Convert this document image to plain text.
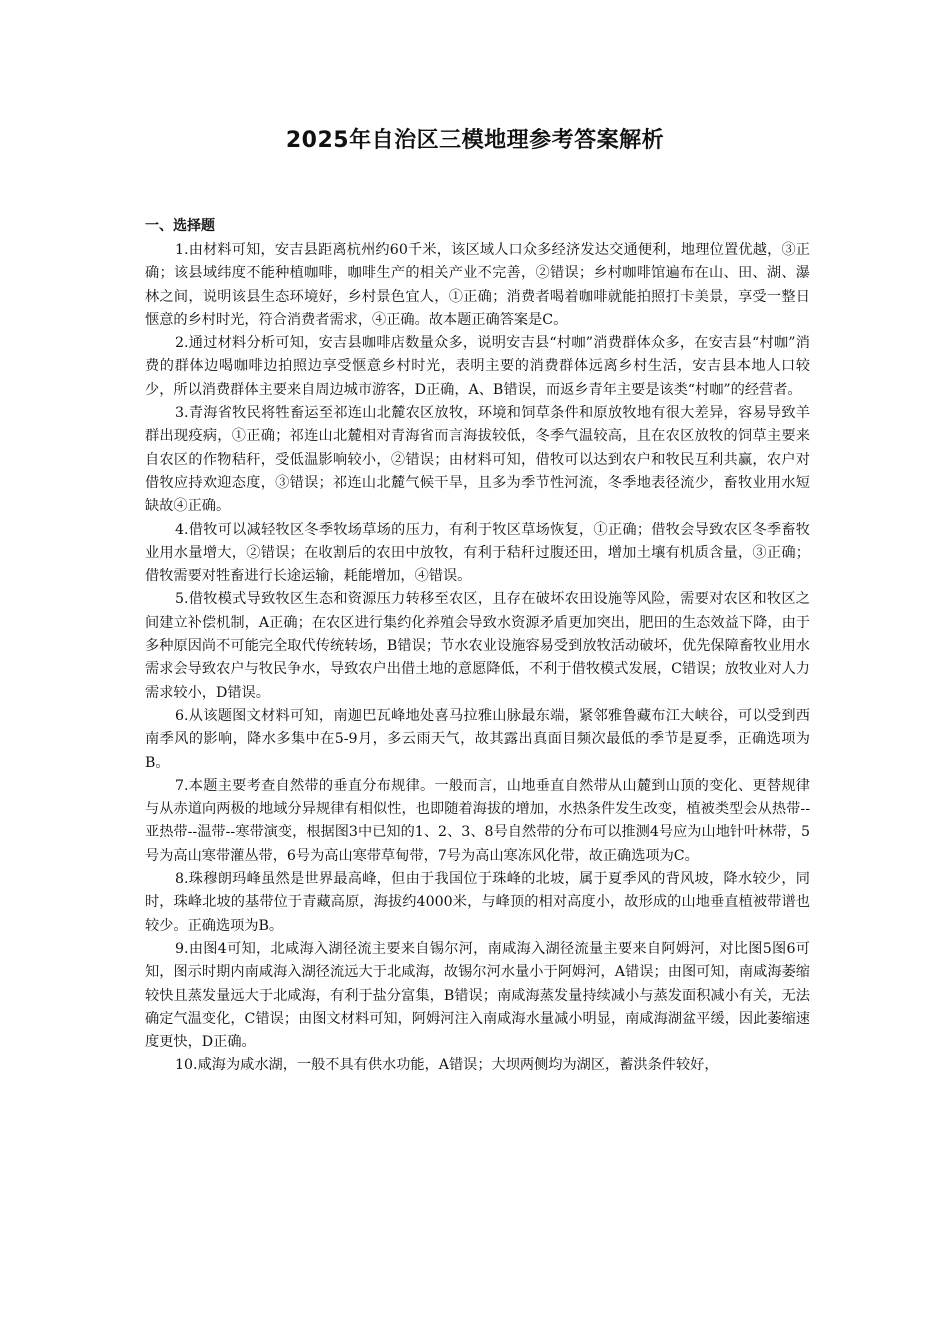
2025年自治区三模地理参考答案解析
一、选择题

1.由材料可知，安吉县距离杭州约60千米，该区域人口众多经济发达交通便利，地理位置优越，③正确；该县域纬度不能种植咖啡，咖啡生产的相关产业不完善，②错误；乡村咖啡馆遍布在山、田、湖、瀑林之间，说明该县生态环境好，乡村景色宜人，①正确；消费者喝着咖啡就能拍照打卡美景，享受一整日惬意的乡村时光，符合消费者需求，④正确。故本题正确答案是C。

2.通过材料分析可知，安吉县咖啡店数量众多，说明安吉县“村咖”消费群体众多，在安吉县“村咖”消费的群体边喝咖啡边拍照边享受惬意乡村时光，表明主要的消费群体远离乡村生活，安吉县本地人口较少，所以消费群体主要来自周边城市游客，D正确，A、B错误，而返乡青年主要是该类“村咖”的经营者。

3.青海省牧民将牲畜运至祁连山北麓农区放牧，环境和饲草条件和原放牧地有很大差异，容易导致羊群出现疫病，①正确；祁连山北麓相对青海省而言海拔较低，冬季气温较高，且在农区放牧的饲草主要来自农区的作物秸秆，受低温影响较小，②错误；由材料可知，借牧可以达到农户和牧民互利共赢，农户对借牧应持欢迎态度，③错误；祁连山北麓气候干旱，且多为季节性河流，冬季地表径流少，畜牧业用水短缺故④正确。

4.借牧可以减轻牧区冬季牧场草场的压力，有利于牧区草场恢复，①正确；借牧会导致农区冬季畜牧业用水量增大，②错误；在收割后的农田中放牧，有利于秸秆过腹还田，增加土壤有机质含量，③正确；借牧需要对牲畜进行长途运输，耗能增加，④错误。

5.借牧模式导致牧区生态和资源压力转移至农区，且存在破坏农田设施等风险，需要对农区和牧区之间建立补偿机制，A正确；在农区进行集约化养殖会导致水资源矛盾更加突出，肥田的生态效益下降，由于多种原因尚不可能完全取代传统转场，B错误；节水农业设施容易受到放牧活动破坏，优先保障畜牧业用水需求会导致农户与牧民争水，导致农户出借土地的意愿降低，不利于借牧模式发展，C错误；放牧业对人力需求较小，D错误。

6.从该题图文材料可知，南迦巴瓦峰地处喜马拉雅山脉最东端，紧邻雅鲁藏布江大峡谷，可以受到西南季风的影响，降水多集中在5-9月，多云雨天气，故其露出真面目频次最低的季节是夏季，正确选项为B。

7.本题主要考查自然带的垂直分布规律。一般而言，山地垂直自然带从山麓到山顶的变化、更替规律与从赤道向两极的地域分异规律有相似性，也即随着海拔的增加，水热条件发生改变，植被类型会从热带--亚热带--温带--寒带演变，根据图3中已知的1、2、3、8号自然带的分布可以推测4号应为山地针叶林带，5号为高山寒带灌丛带，6号为高山寒带草甸带，7号为高山寒冻风化带，故正确选项为C。

8.珠穆朗玛峰虽然是世界最高峰，但由于我国位于珠峰的北坡，属于夏季风的背风坡，降水较少，同时，珠峰北坡的基带位于青藏高原，海拔约4000米，与峰顶的相对高度小，故形成的山地垂直植被带谱也较少。正确选项为B。

9.由图4可知，北咸海入湖径流主要来自锡尔河，南咸海入湖径流量主要来自阿姆河，对比图5图6可知，图示时期内南咸海入湖径流远大于北咸海，故锡尔河水量小于阿姆河，A错误；由图可知，南咸海萎缩较快且蒸发量远大于北咸海，有利于盐分富集，B错误；南咸海蒸发量持续减小与蒸发面积减小有关，无法确定气温变化，C错误；由图文材料可知，阿姆河注入南咸海水量减小明显，南咸海湖盆平缓，因此萎缩速度更快，D正确。

10.咸海为咸水湖，一般不具有供水功能，A错误；大坝两侧均为湖区，蓄洪条件较好，
